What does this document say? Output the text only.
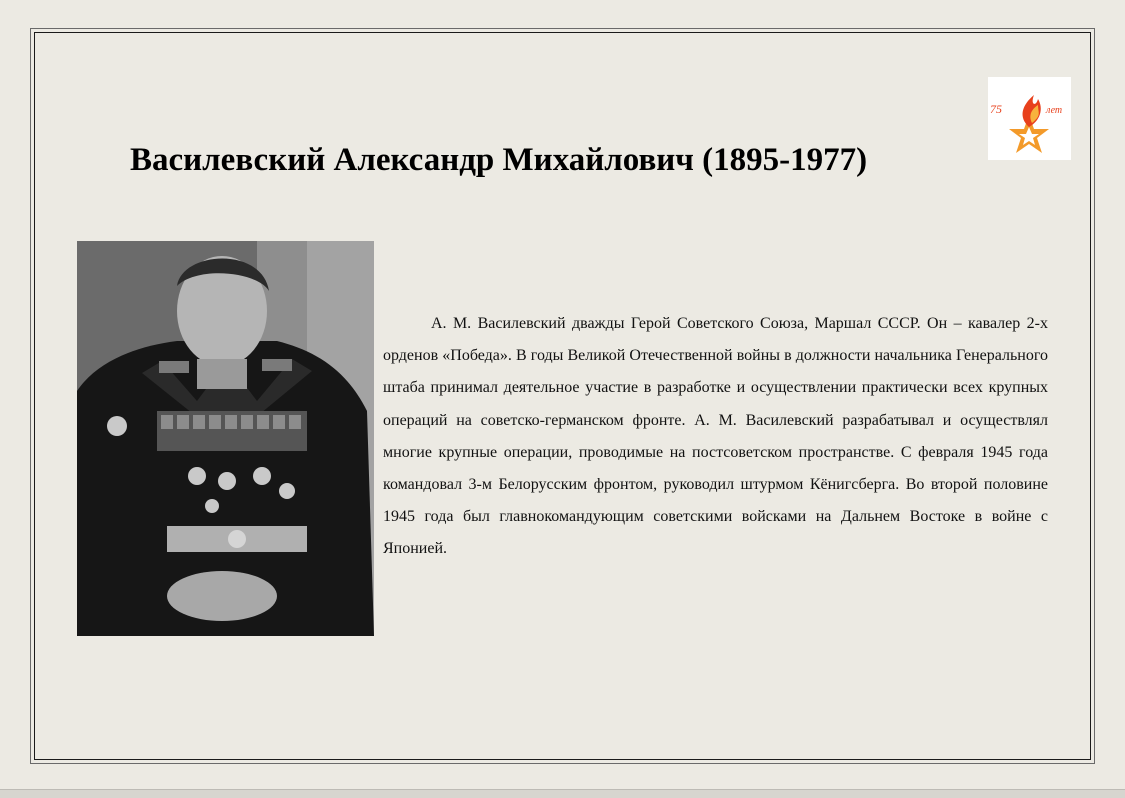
Василевский Александр Михайлович (1895-1977)
75	лет

А. М. Василевский дважды Герой Советского Союза, Маршал СССР. Он – кавалер 2-х орденов «Победа». В годы Великой Отечественной войны в должности начальника Генерального штаба принимал деятельное участие в разработке и осуществлении практически всех крупных операций на советско-германском фронте. А. М. Василевский разрабатывал и осуществлял многие крупные операции, проводимые на постсоветском пространстве. С февраля 1945 года командовал 3-м Белорусским фронтом, руководил штурмом Кёнигсберга. Во второй половине 1945 года был главнокомандующим советскими войсками на Дальнем Востоке в войне с Японией.
